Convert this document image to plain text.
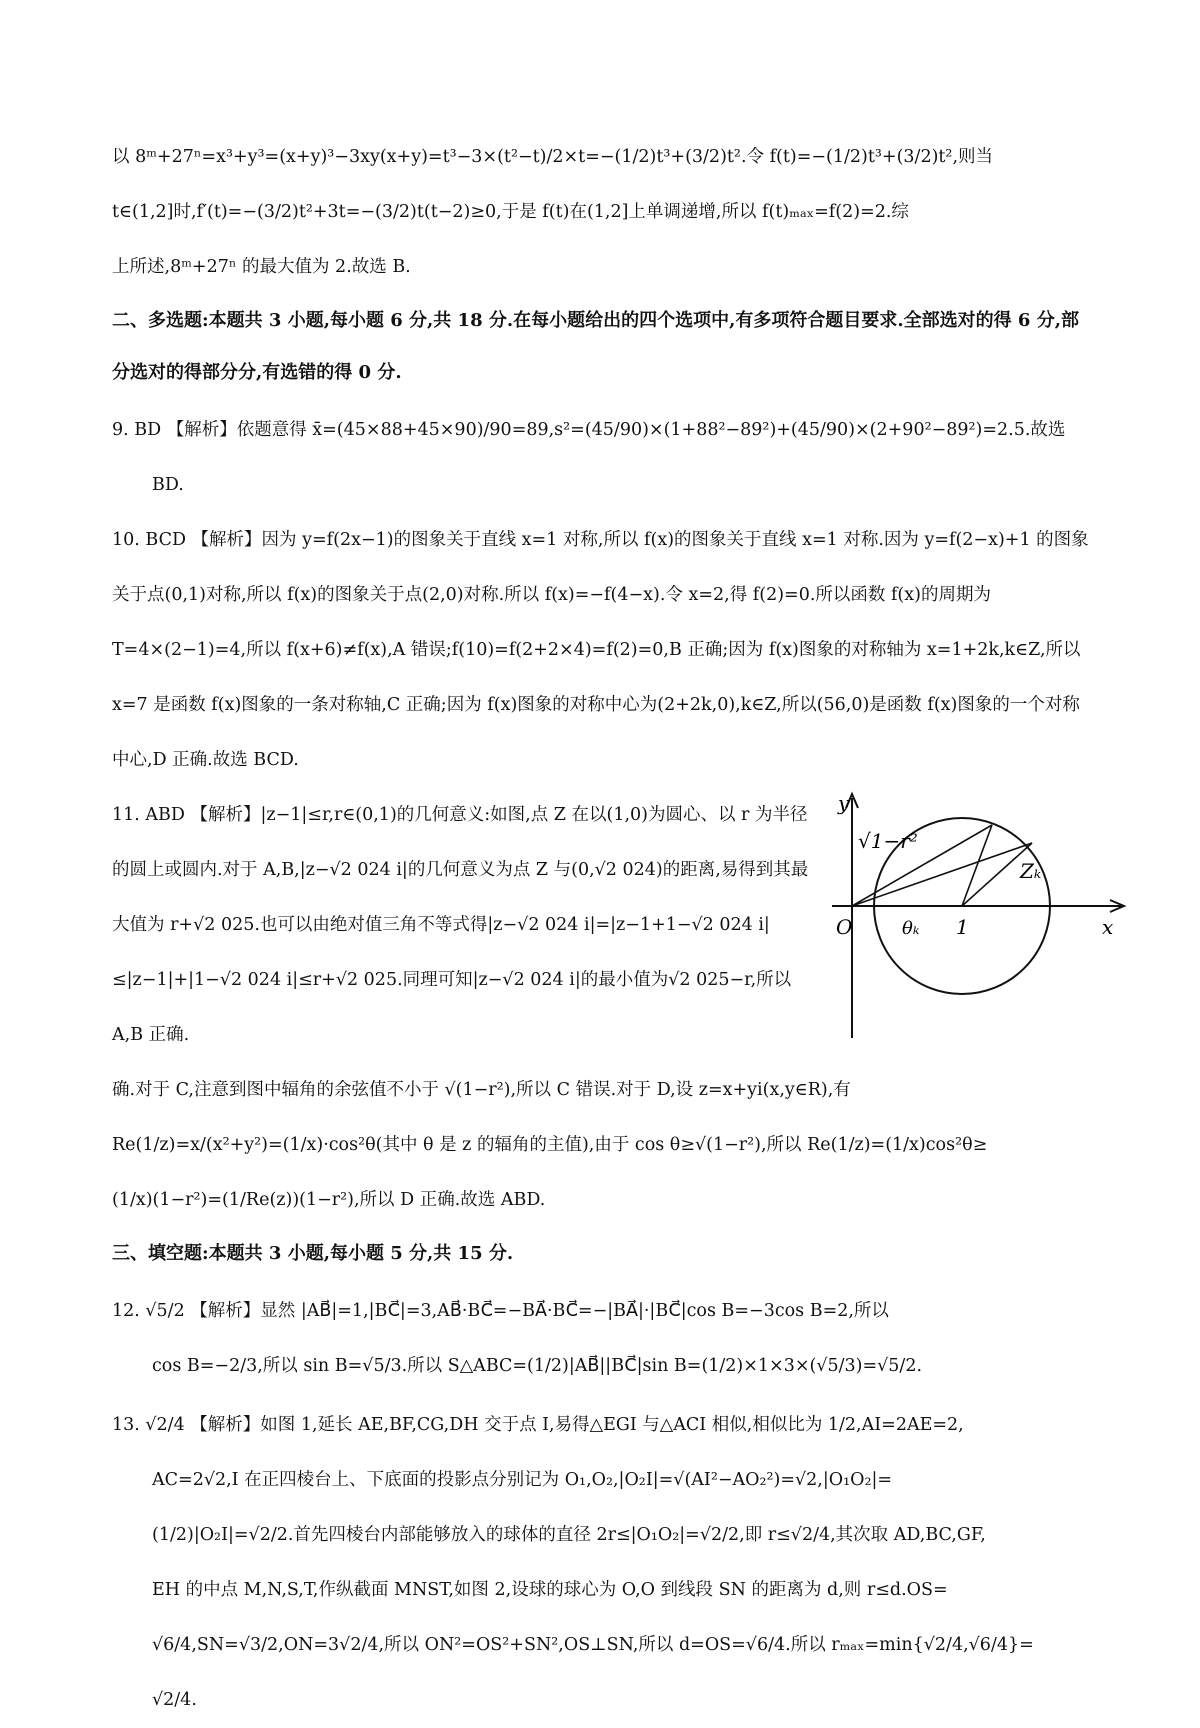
以 8ᵐ+27ⁿ=x³+y³=(x+y)³−3xy(x+y)=t³−3×(t²−t)/2×t=−(1/2)t³+(3/2)t².令 f(t)=−(1/2)t³+(3/2)t²,则当

t∈(1,2]时,f′(t)=−(3/2)t²+3t=−(3/2)t(t−2)≥0,于是 f(t)在(1,2]上单调递增,所以 f(t)ₘₐₓ=f(2)=2.综

上所述,8ᵐ+27ⁿ 的最大值为 2.故选 B.

二、多选题:本题共 3 小题,每小题 6 分,共 18 分.在每小题给出的四个选项中,有多项符合题目要求.全部选对的得 6 分,部分选对的得部分分,有选错的得 0 分.

9. BD 【解析】依题意得 x̄=(45×88+45×90)/90=89,s²=(45/90)×(1+88²−89²)+(45/90)×(2+90²−89²)=2.5.故选

BD.

10. BCD 【解析】因为 y=f(2x−1)的图象关于直线 x=1 对称,所以 f(x)的图象关于直线 x=1 对称.因为 y=f(2−x)+1 的图象关于点(0,1)对称,所以 f(x)的图象关于点(2,0)对称.所以 f(x)=−f(4−x).令 x=2,得 f(2)=0.所以函数 f(x)的周期为 T=4×(2−1)=4,所以 f(x+6)≠f(x),A 错误;f(10)=f(2+2×4)=f(2)=0,B 正确;因为 f(x)图象的对称轴为 x=1+2k,k∈Z,所以 x=7 是函数 f(x)图象的一条对称轴,C 正确;因为 f(x)图象的对称中心为(2+2k,0),k∈Z,所以(56,0)是函数 f(x)图象的一个对称中心,D 正确.故选 BCD.

11. ABD 【解析】|z−1|≤r,r∈(0,1)的几何意义:如图,点 Z 在以(1,0)为圆心、以 r 为半径的圆上或圆内.对于 A,B,|z−√2 024 i|的几何意义为点 Z 与(0,√2 024)的距离,易得到其最大值为 r+√2 025.也可以由绝对值三角不等式得|z−√2 024 i|=|z−1+1−√2 024 i|≤|z−1|+|1−√2 024 i|≤r+√2 025.同理可知|z−√2 024 i|的最小值为√2 025−r,所以 A,B 正确.

y
x
O
√1−r²
Zₖ
θₖ 1

确.对于 C,注意到图中辐角的余弦值不小于 √(1−r²),所以 C 错误.对于 D,设 z=x+yi(x,y∈R),有

Re(1/z)=x/(x²+y²)=(1/x)·cos²θ(其中 θ 是 z 的辐角的主值),由于 cos θ≥√(1−r²),所以 Re(1/z)=(1/x)cos²θ≥

(1/x)(1−r²)=(1/Re(z))(1−r²),所以 D 正确.故选 ABD.

三、填空题:本题共 3 小题,每小题 5 分,共 15 分.

12. √5/2 【解析】显然 |AB⃗|=1,|BC⃗|=3,AB⃗·BC⃗=−BA⃗·BC⃗=−|BA⃗|·|BC⃗|cos B=−3cos B=2,所以

cos B=−2/3,所以 sin B=√5/3.所以 S△ABC=(1/2)|AB⃗||BC⃗|sin B=(1/2)×1×3×(√5/3)=√5/2.

13. √2/4 【解析】如图 1,延长 AE,BF,CG,DH 交于点 I,易得△EGI 与△ACI 相似,相似比为 1/2,AI=2AE=2,

AC=2√2,I 在正四棱台上、下底面的投影点分别记为 O₁,O₂,|O₂I|=√(AI²−AO₂²)=√2,|O₁O₂|=

(1/2)|O₂I|=√2/2.首先四棱台内部能够放入的球体的直径 2r≤|O₁O₂|=√2/2,即 r≤√2/4,其次取 AD,BC,GF,

EH 的中点 M,N,S,T,作纵截面 MNST,如图 2,设球的球心为 O,O 到线段 SN 的距离为 d,则 r≤d.OS=

√6/4,SN=√3/2,ON=3√2/4,所以 ON²=OS²+SN²,OS⊥SN,所以 d=OS=√6/4.所以 rₘₐₓ=min{√2/4,√6/4}=

√2/4.
